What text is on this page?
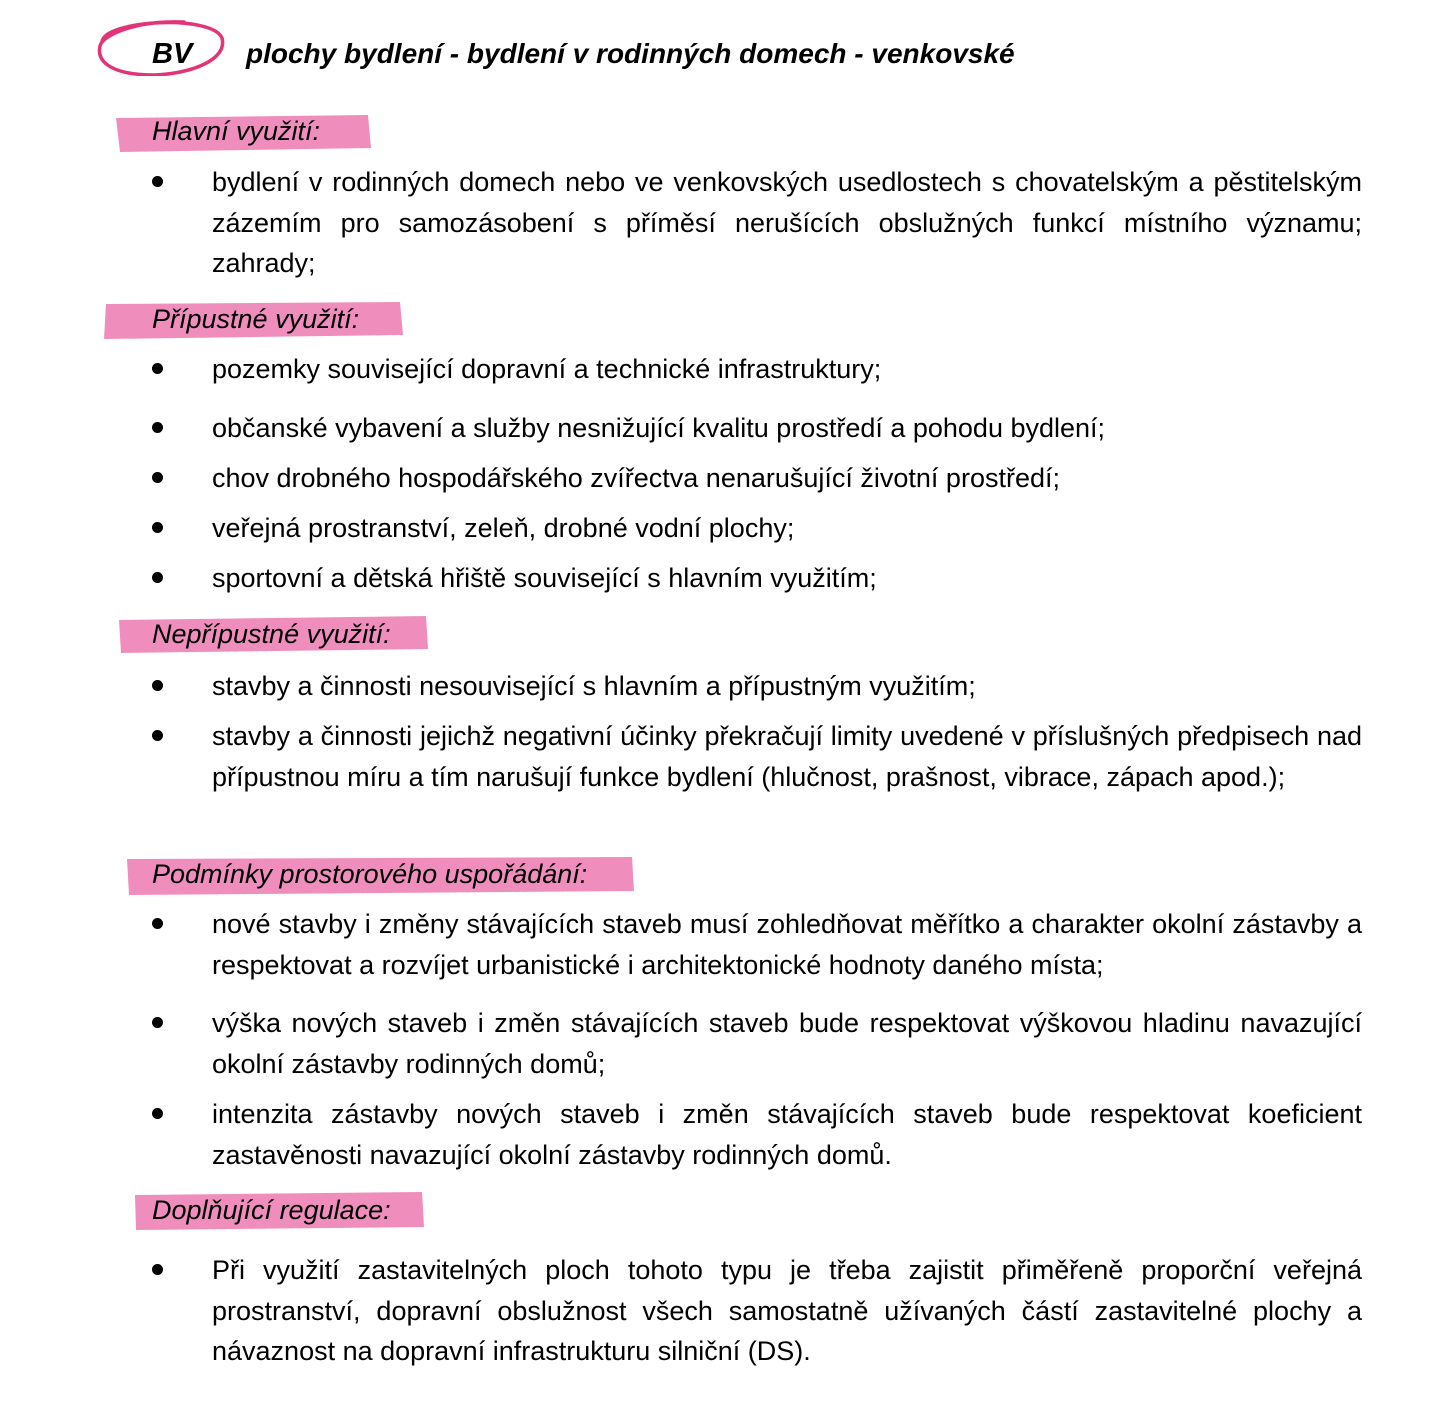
BV plochy bydlení - bydlení v rodinných domech - venkovské
Hlavní využití:
bydlení v rodinných domech nebo ve venkovských usedlostech s chovatelským a pěstitelským zázemím pro samozásobení s příměsí nerušících obslužných funkcí místního významu; zahrady;
Přípustné využití:
pozemky související dopravní a technické infrastruktury;
občanské vybavení a služby nesnižující kvalitu prostředí a pohodu bydlení;
chov drobného hospodářského zvířectva nenarušující životní prostředí;
veřejná prostranství, zeleň, drobné vodní plochy;
sportovní a dětská hřiště související s hlavním využitím;
Nepřípustné využití:
stavby a činnosti nesouvisející s hlavním a přípustným využitím;
stavby a činnosti jejichž negativní účinky překračují limity uvedené v příslušných předpisech nad přípustnou míru a tím narušují funkce bydlení (hlučnost, prašnost, vibrace, zápach apod.);
Podmínky prostorového uspořádání:
nové stavby i změny stávajících staveb musí zohledňovat měřítko a charakter okolní zástavby a respektovat a rozvíjet urbanistické i architektonické hodnoty daného místa;
výška nových staveb i změn stávajících staveb bude respektovat výškovou hladinu navazující okolní zástavby rodinných domů;
intenzita zástavby nových staveb i změn stávajících staveb bude respektovat koeficient zastavěnosti navazující okolní zástavby rodinných domů.
Doplňující regulace:
Při využití zastavitelných ploch tohoto typu je třeba zajistit přiměřeně proporční veřejná prostranství, dopravní obslužnost všech samostatně užívaných částí zastavitelné plochy a návaznost na dopravní infrastrukturu silniční (DS).
